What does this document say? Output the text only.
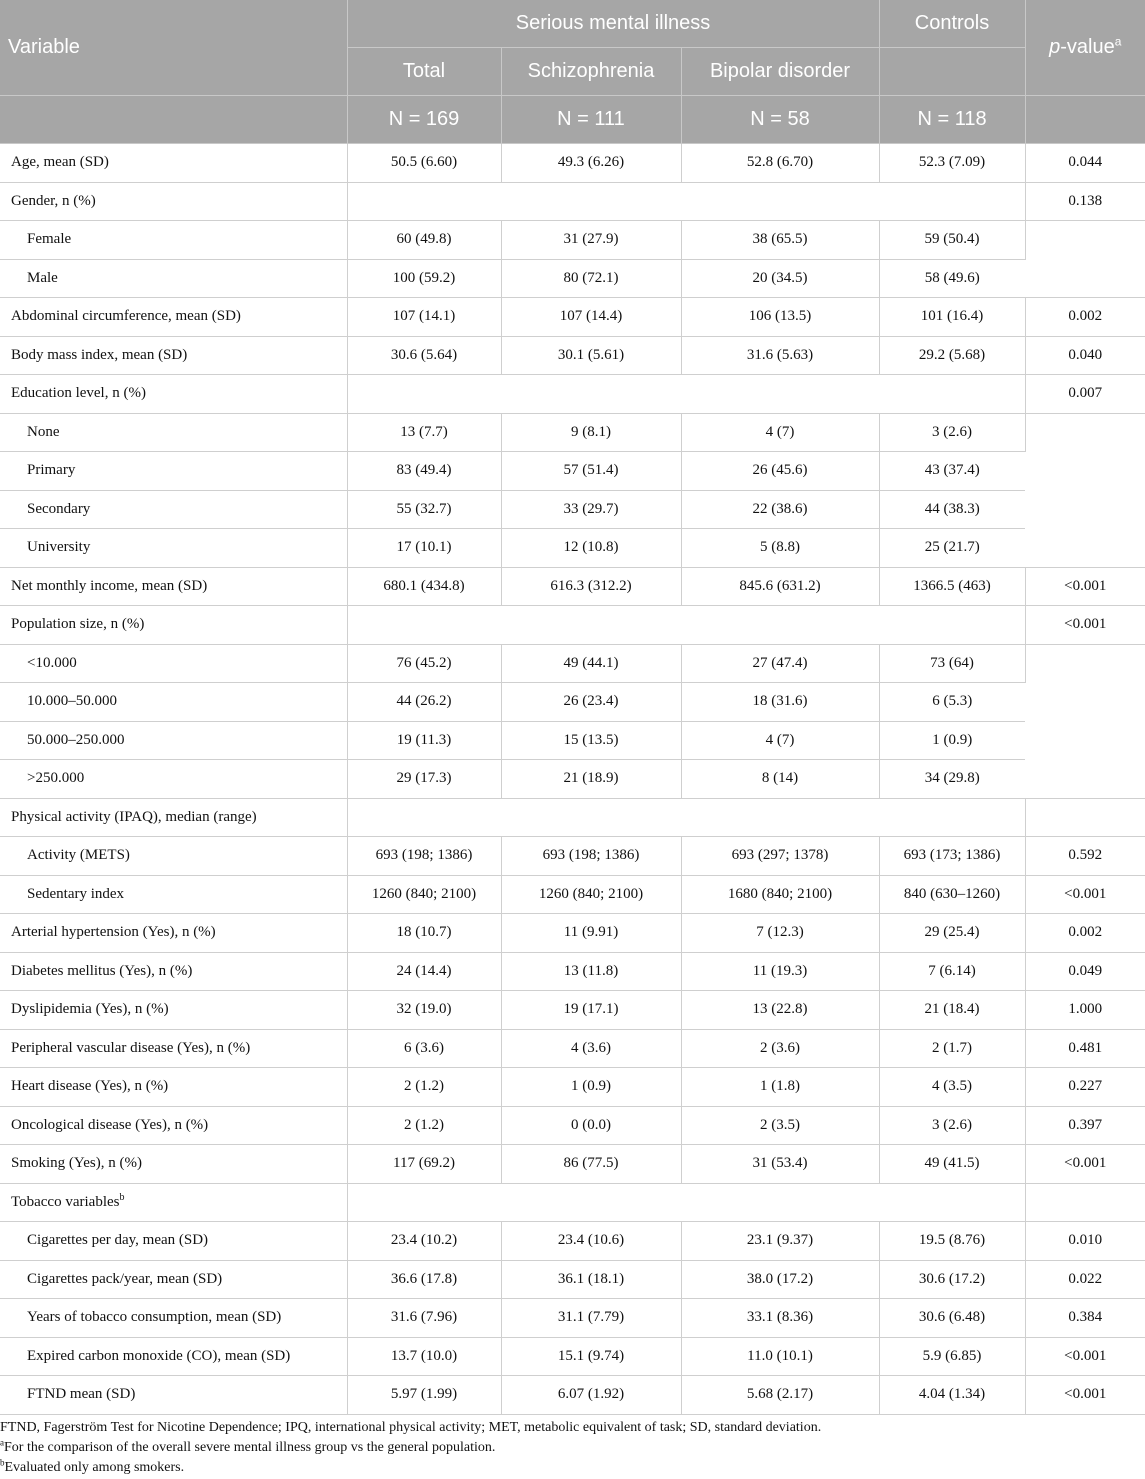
Variable	Serious mental illness			Controls	p-value$^a$
	Total	Schizophrenia	Bipolar disorder		
	N = 169	N = 111	N = 58	N = 118	
Age, mean (SD)	50.5 (6.60)	49.3 (6.26)	52.8 (6.70)	52.3 (7.09)	0.044
Gender, n (%)					0.138
Female	60 (49.8)	31 (27.9)	38 (65.5)	59 (50.4)	
Male	100 (59.2)	80 (72.1)	20 (34.5)	58 (49.6)	
Abdominal circumference, mean (SD)	107 (14.1)	107 (14.4)	106 (13.5)	101 (16.4)	0.002
Body mass index, mean (SD)	30.6 (5.64)	30.1 (5.61)	31.6 (5.63)	29.2 (5.68)	0.040
Education level, n (%)					0.007
None	13 (7.7)	9 (8.1)	4 (7)	3 (2.6)	
Primary	83 (49.4)	57 (51.4)	26 (45.6)	43 (37.4)	
Secondary	55 (32.7)	33 (29.7)	22 (38.6)	44 (38.3)	
University	17 (10.1)	12 (10.8)	5 (8.8)	25 (21.7)	
Net monthly income, mean (SD)	680.1 (434.8)	616.3 (312.2)	845.6 (631.2)	1366.5 (463)	<0.001
Population size, n (%)					<0.001
<10.000	76 (45.2)	49 (44.1)	27 (47.4)	73 (64)	
10.000–50.000	44 (26.2)	26 (23.4)	18 (31.6)	6 (5.3)	
50.000–250.000	19 (11.3)	15 (13.5)	4 (7)	1 (0.9)	
>250.000	29 (17.3)	21 (18.9)	8 (14)	34 (29.8)	
Physical activity (IPAQ), median (range)					
Activity (METS)	693 (198; 1386)	693 (198; 1386)	693 (297; 1378)	693 (173; 1386)	0.592
Sedentary index	1260 (840; 2100)	1260 (840; 2100)	1680 (840; 2100)	840 (630–1260)	<0.001
Arterial hypertension (Yes), n (%)	18 (10.7)	11 (9.91)	7 (12.3)	29 (25.4)	0.002
Diabetes mellitus (Yes), n (%)	24 (14.4)	13 (11.8)	11 (19.3)	7 (6.14)	0.049
Dyslipidemia (Yes), n (%)	32 (19.0)	19 (17.1)	13 (22.8)	21 (18.4)	1.000
Peripheral vascular disease (Yes), n (%)	6 (3.6)	4 (3.6)	2 (3.6)	2 (1.7)	0.481
Heart disease (Yes), n (%)	2 (1.2)	1 (0.9)	1 (1.8)	4 (3.5)	0.227
Oncological disease (Yes), n (%)	2 (1.2)	0 (0.0)	2 (3.5)	3 (2.6)	0.397
Smoking (Yes), n (%)	117 (69.2)	86 (77.5)	31 (53.4)	49 (41.5)	<0.001
Tobacco variables$^b$		
Cigarettes per day, mean (SD)	23.4 (10.2)	23.4 (10.6)	23.1 (9.37)	19.5 (8.76)	0.010
Cigarettes pack/year, mean (SD)	36.6 (17.8)	36.1 (18.1)	38.0 (17.2)	30.6 (17.2)	0.022
Years of tobacco consumption, mean (SD)	31.6 (7.96)	31.1 (7.79)	33.1 (8.36)	30.6 (6.48)	0.384
Expired carbon monoxide (CO), mean (SD)	13.7 (10.0)	15.1 (9.74)	11.0 (10.1)	5.9 (6.85)	<0.001
FTND mean (SD)	5.97 (1.99)	6.07 (1.92)	5.68 (2.17)	4.04 (1.34)	<0.001

FTND, Fagerström Test for Nicotine Dependence; IPQ, international physical activity; MET, metabolic equivalent of task; SD, standard deviation.

$^a$For the comparison of the overall severe mental illness group vs the general population.

$^b$Evaluated only among smokers.
